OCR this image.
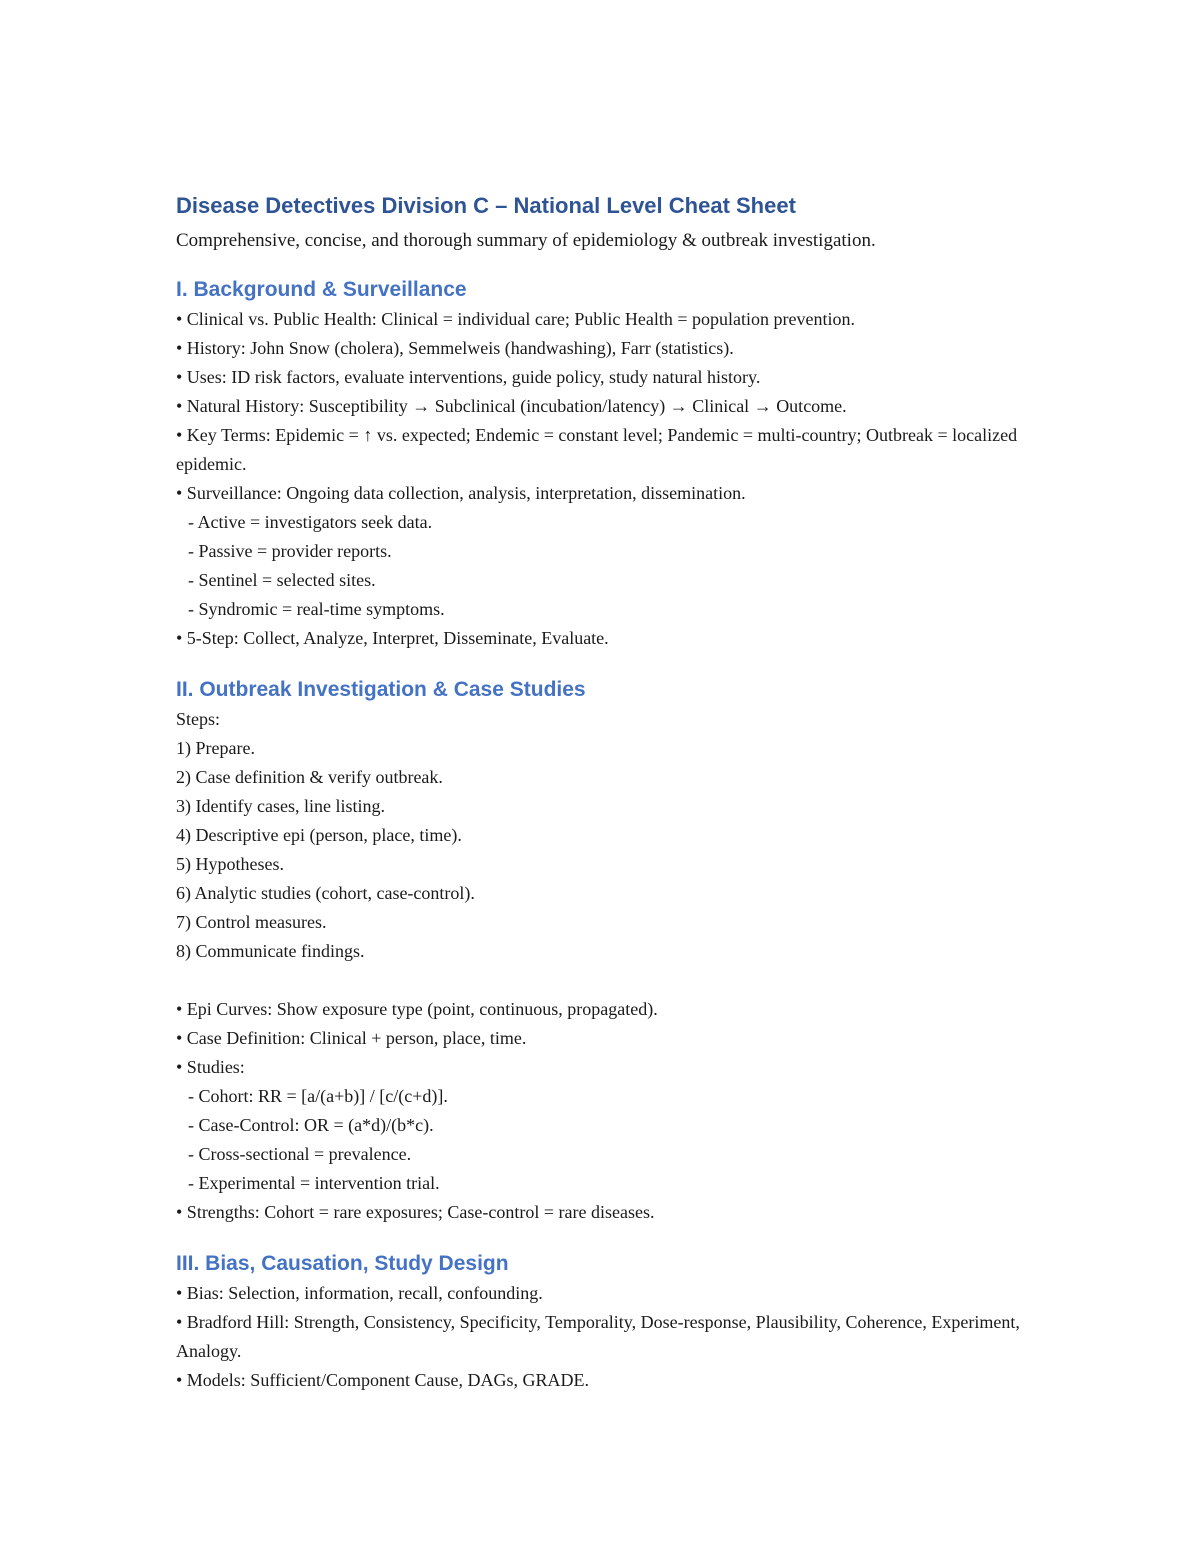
Disease Detectives Division C – National Level Cheat Sheet

Comprehensive, concise, and thorough summary of epidemiology & outbreak investigation.

I. Background & Surveillance

• Clinical vs. Public Health: Clinical = individual care; Public Health = population prevention.

• History: John Snow (cholera), Semmelweis (handwashing), Farr (statistics).

• Uses: ID risk factors, evaluate interventions, guide policy, study natural history.

• Natural History: Susceptibility → Subclinical (incubation/latency) → Clinical → Outcome.

• Key Terms: Epidemic = ↑ vs. expected; Endemic = constant level; Pandemic = multi-country; Outbreak = localized epidemic.

• Surveillance: Ongoing data collection, analysis, interpretation, dissemination.

- Active = investigators seek data.

- Passive = provider reports.

- Sentinel = selected sites.

- Syndromic = real-time symptoms.

• 5-Step: Collect, Analyze, Interpret, Disseminate, Evaluate.

II. Outbreak Investigation & Case Studies

Steps:

1) Prepare.

2) Case definition & verify outbreak.

3) Identify cases, line listing.

4) Descriptive epi (person, place, time).

5) Hypotheses.

6) Analytic studies (cohort, case-control).

7) Control measures.

8) Communicate findings.

• Epi Curves: Show exposure type (point, continuous, propagated).

• Case Definition: Clinical + person, place, time.

• Studies:

- Cohort: RR = [a/(a+b)] / [c/(c+d)].

- Case-Control: OR = (a*d)/(b*c).

- Cross-sectional = prevalence.

- Experimental = intervention trial.

• Strengths: Cohort = rare exposures; Case-control = rare diseases.

III. Bias, Causation, Study Design

• Bias: Selection, information, recall, confounding.

• Bradford Hill: Strength, Consistency, Specificity, Temporality, Dose-response, Plausibility, Coherence, Experiment, Analogy.

• Models: Sufficient/Component Cause, DAGs, GRADE.
